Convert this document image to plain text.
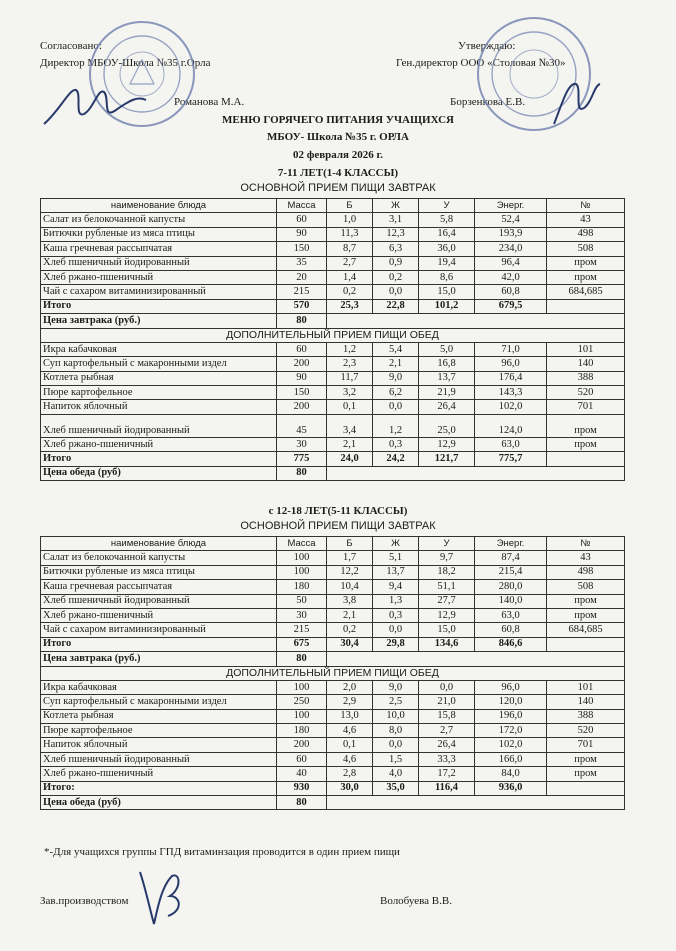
Согласовано:	Утверждаю:
Директор МБОУ-Школа №35 г.Орла	Ген.директор ООО «Столовая №30»
Романова М.А.	Борзенкова Е.В.
МЕНЮ ГОРЯЧЕГО ПИТАНИЯ УЧАЩИХСЯ
МБОУ- Школа №35 г. ОРЛА
02 февраля 2026 г.
7-11 ЛЕТ(1-4 КЛАССЫ)
ОСНОВНОЙ ПРИЕМ ПИЩИ ЗАВТРАК
наименование блюда	Масса	Б	Ж	У	Энерг.	№
Салат из белокочанной капусты	60	1,0	3,1	5,8	52,4	43
Битючки рубленые из мяса птицы	90	11,3	12,3	16,4	193,9	498
Каша гречневая рассыпчатая	150	8,7	6,3	36,0	234,0	508
Хлеб пшеничный йодированный	35	2,7	0,9	19,4	96,4	пром
Хлеб ржано-пшеничный	20	1,4	0,2	8,6	42,0	пром
Чай с сахаром витаминизированный	215	0,2	0,0	15,0	60,8	684,685
Итого	570	25,3	22,8	101,2	679,5	
Цена завтрака (руб.)	80					
ДОПОЛНИТЕЛЬНЫЙ ПРИЕМ ПИЩИ ОБЕД						
Икра кабачковая	60	1,2	5,4	5,0	71,0	101
Суп картофельный с макаронными издел	200	2,3	2,1	16,8	96,0	140
Котлета рыбная	90	11,7	9,0	13,7	176,4	388
Пюре картофельное	150	3,2	6,2	21,9	143,3	520
Напиток яблочный	200	0,1	0,0	26,4	102,0	701
Хлеб пшеничный йодированный	45	3,4	1,2	25,0	124,0	пром
Хлеб ржано-пшеничный	30	2,1	0,3	12,9	63,0	пром
Итого	775	24,0	24,2	121,7	775,7	
Цена обеда (руб)	80					
с 12-18 ЛЕТ(5-11 КЛАССЫ)
ОСНОВНОЙ ПРИЕМ ПИЩИ ЗАВТРАК
наименование блюда	Масса	Б	Ж	У	Энерг.	№
Салат из белокочанной капусты	100	1,7	5,1	9,7	87,4	43
Битючки рубленые из мяса птицы	100	12,2	13,7	18,2	215,4	498
Каша гречневая рассыпчатая	180	10,4	9,4	51,1	280,0	508
Хлеб пшеничный йодированный	50	3,8	1,3	27,7	140,0	пром
Хлеб ржано-пшеничный	30	2,1	0,3	12,9	63,0	пром
Чай с сахаром витаминизированный	215	0,2	0,0	15,0	60,8	684,685
Итого	675	30,4	29,8	134,6	846,6	
Цена завтрака (руб.)	80					
ДОПОЛНИТЕЛЬНЫЙ ПРИЕМ ПИЩИ ОБЕД						
Икра кабачковая	100	2,0	9,0	0,0	96,0	101
Суп картофельный с макаронными издел	250	2,9	2,5	21,0	120,0	140
Котлета рыбная	100	13,0	10,0	15,8	196,0	388
Пюре картофельное	180	4,6	8,0	2,7	172,0	520
Напиток яблочный	200	0,1	0,0	26,4	102,0	701
Хлеб пшеничный йодированный	60	4,6	1,5	33,3	166,0	пром
Хлеб ржано-пшеничный	40	2,8	4,0	17,2	84,0	пром
Итого:	930	30,0	35,0	116,4	936,0	
Цена обеда (руб)	80					
*-Для учащихся группы ГПД витаминзация проводится в один прием пищи
Зав.производством	Волобуева В.В.
